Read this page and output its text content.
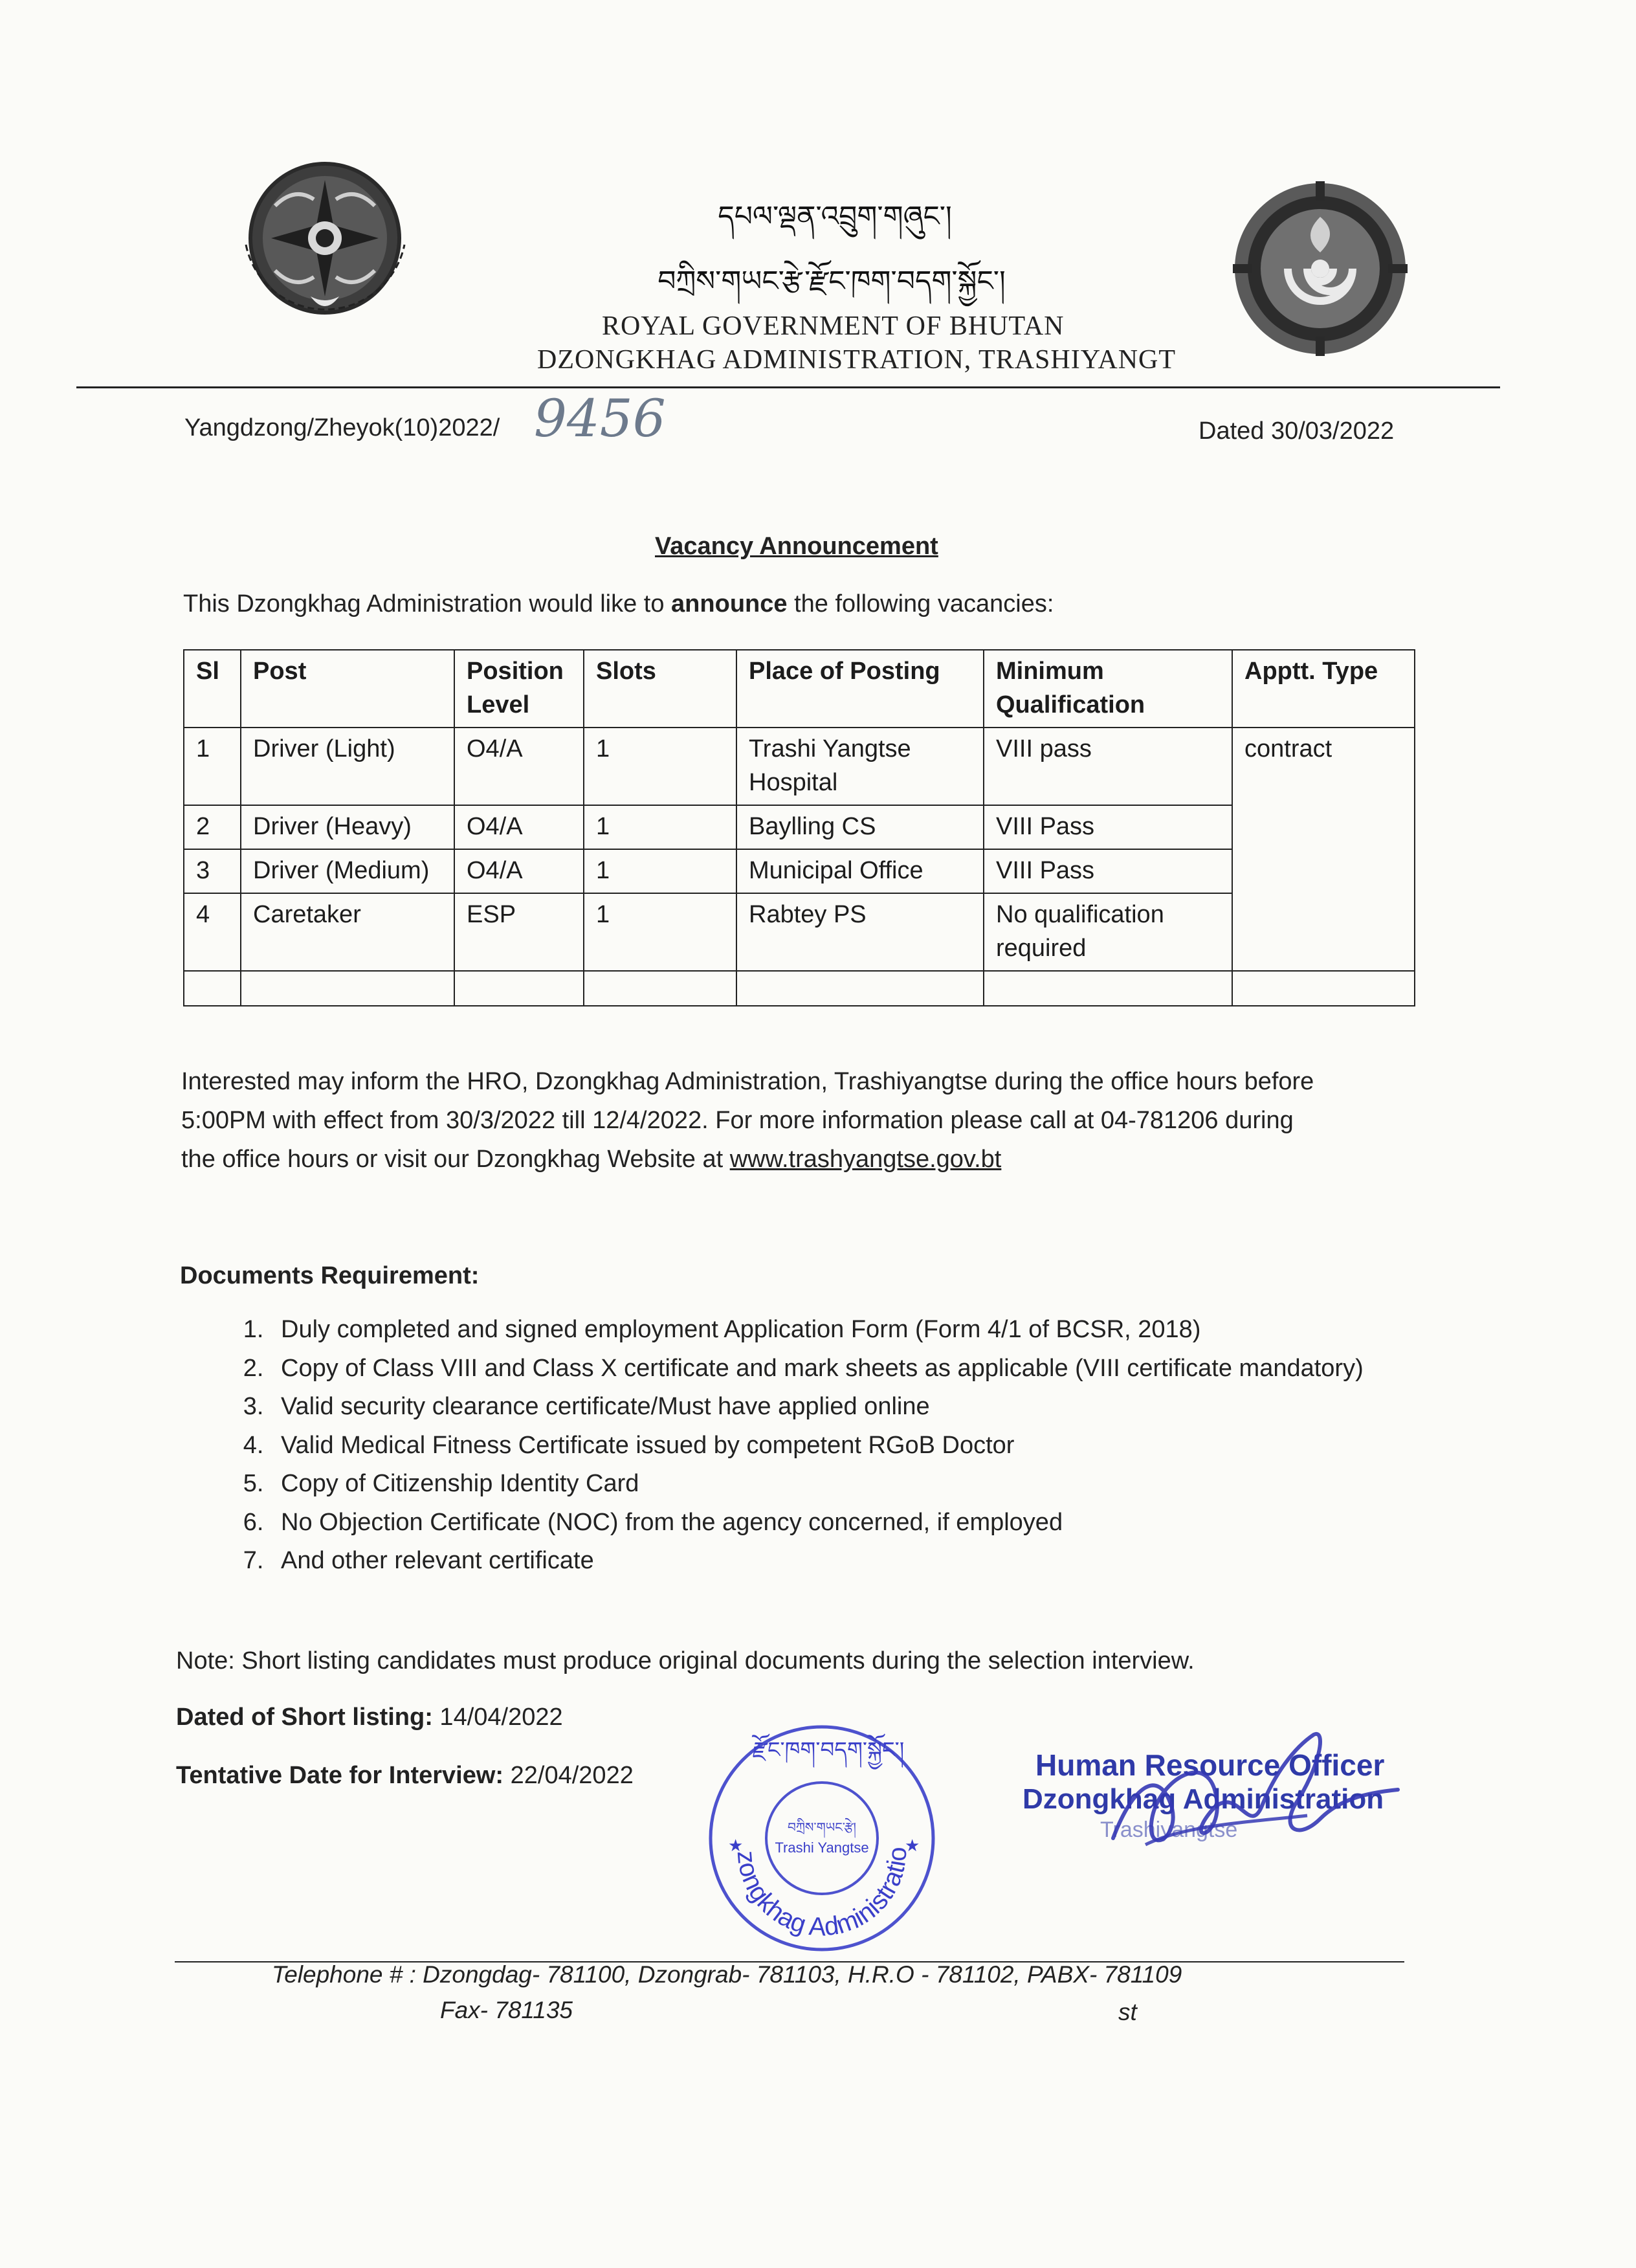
དཔལ་ལྡན་འབྲུག་གཞུང་།
བཀྲིས་གཡང་རྩེ་རྫོང་ཁག་བདག་སྐྱོང་།
ROYAL GOVERNMENT OF BHUTAN
DZONGKHAG ADMINISTRATION, TRASHIYANGT
Yangdzong/Zheyok(10)2022/ 9456	Dated 30/03/2022
Vacancy Announcement
This Dzongkhag Administration would like to announce the following vacancies:
Sl	Post	Position Level	Slots	Place of Posting	Minimum Qualification	Apptt. Type
1	Driver (Light)	O4/A	1	Trashi Yangtse Hospital	VIII pass	contract
2	Driver (Heavy)	O4/A	1	Baylling CS	VIII Pass	
3	Driver (Medium)	O4/A	1	Municipal Office	VIII Pass	
4	Caretaker	ESP	1	Rabtey PS	No qualification required	

Interested may inform the HRO, Dzongkhag Administration, Trashiyangtse during the office hours before
5:00PM with effect from 30/3/2022 till 12/4/2022. For more information please call at 04-781206 during
the office hours or visit our Dzongkhag Website at www.trashyangtse.gov.bt
Documents Requirement:
1. Duly completed and signed employment Application Form (Form 4/1 of BCSR, 2018)
2. Copy of Class VIII and Class X certificate and mark sheets as applicable (VIII certificate mandatory)
3. Valid security clearance certificate/Must have applied online
4. Valid Medical Fitness Certificate issued by competent RGoB Doctor
5. Copy of Citizenship Identity Card
6. No Objection Certificate (NOC) from the agency concerned, if employed
7. And other relevant certificate
Note: Short listing candidates must produce original documents during the selection interview.
Dated of Short listing: 14/04/2022
Tentative Date for Interview: 22/04/2022
རྫོང་ཁག་བདག་སྐྱོང་།
བཀྲིས་གཡང་རྩེ།
Trashi Yangtse
zongkhag Administratio
★	★
Human Resource Officer
Dzongkhag Administration
Trashiyangtse
Telephone # : Dzongdag- 781100, Dzongrab- 781103, H.R.O - 781102, PABX- 781109
Fax- 781135	st
